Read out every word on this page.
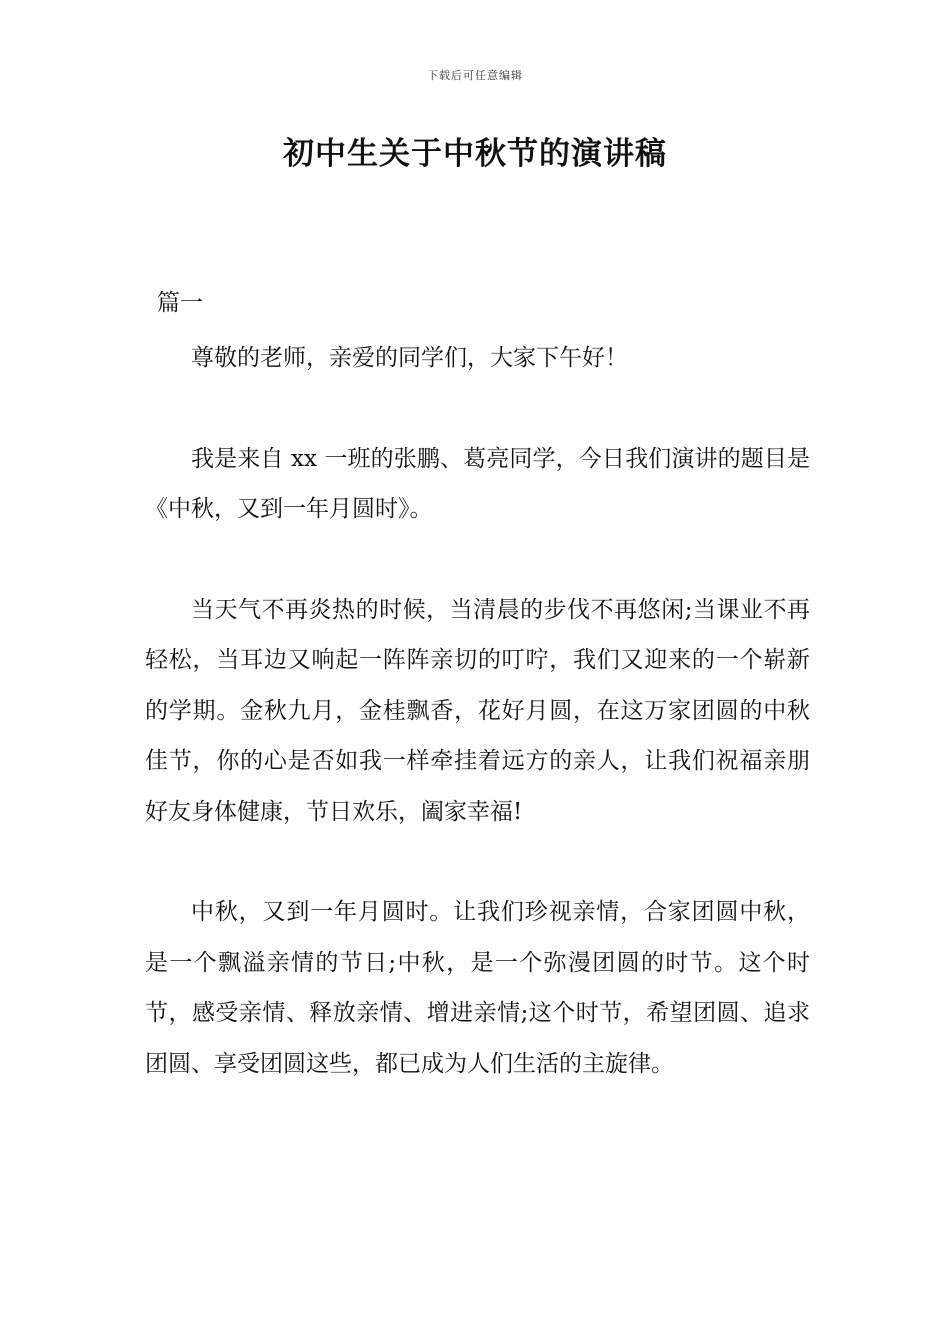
下载后可任意编辑
初中生关于中秋节的演讲稿
篇一

尊敬的老师，亲爱的同学们，大家下午好！

我是来自 xx 一班的张鹏、葛亮同学，今日我们演讲的题目是《中秋，又到一年月圆时》。

当天气不再炎热的时候，当清晨的步伐不再悠闲;当课业不再轻松，当耳边又响起一阵阵亲切的叮咛，我们又迎来的一个崭新的学期。金秋九月，金桂飘香，花好月圆，在这万家团圆的中秋佳节，你的心是否如我一样牵挂着远方的亲人，让我们祝福亲朋好友身体健康，节日欢乐，阖家幸福!

中秋，又到一年月圆时。让我们珍视亲情，合家团圆中秋，是一个飘溢亲情的节日;中秋，是一个弥漫团圆的时节。这个时节，感受亲情、释放亲情、增进亲情;这个时节，希望团圆、追求团圆、享受团圆这些，都已成为人们生活的主旋律。
